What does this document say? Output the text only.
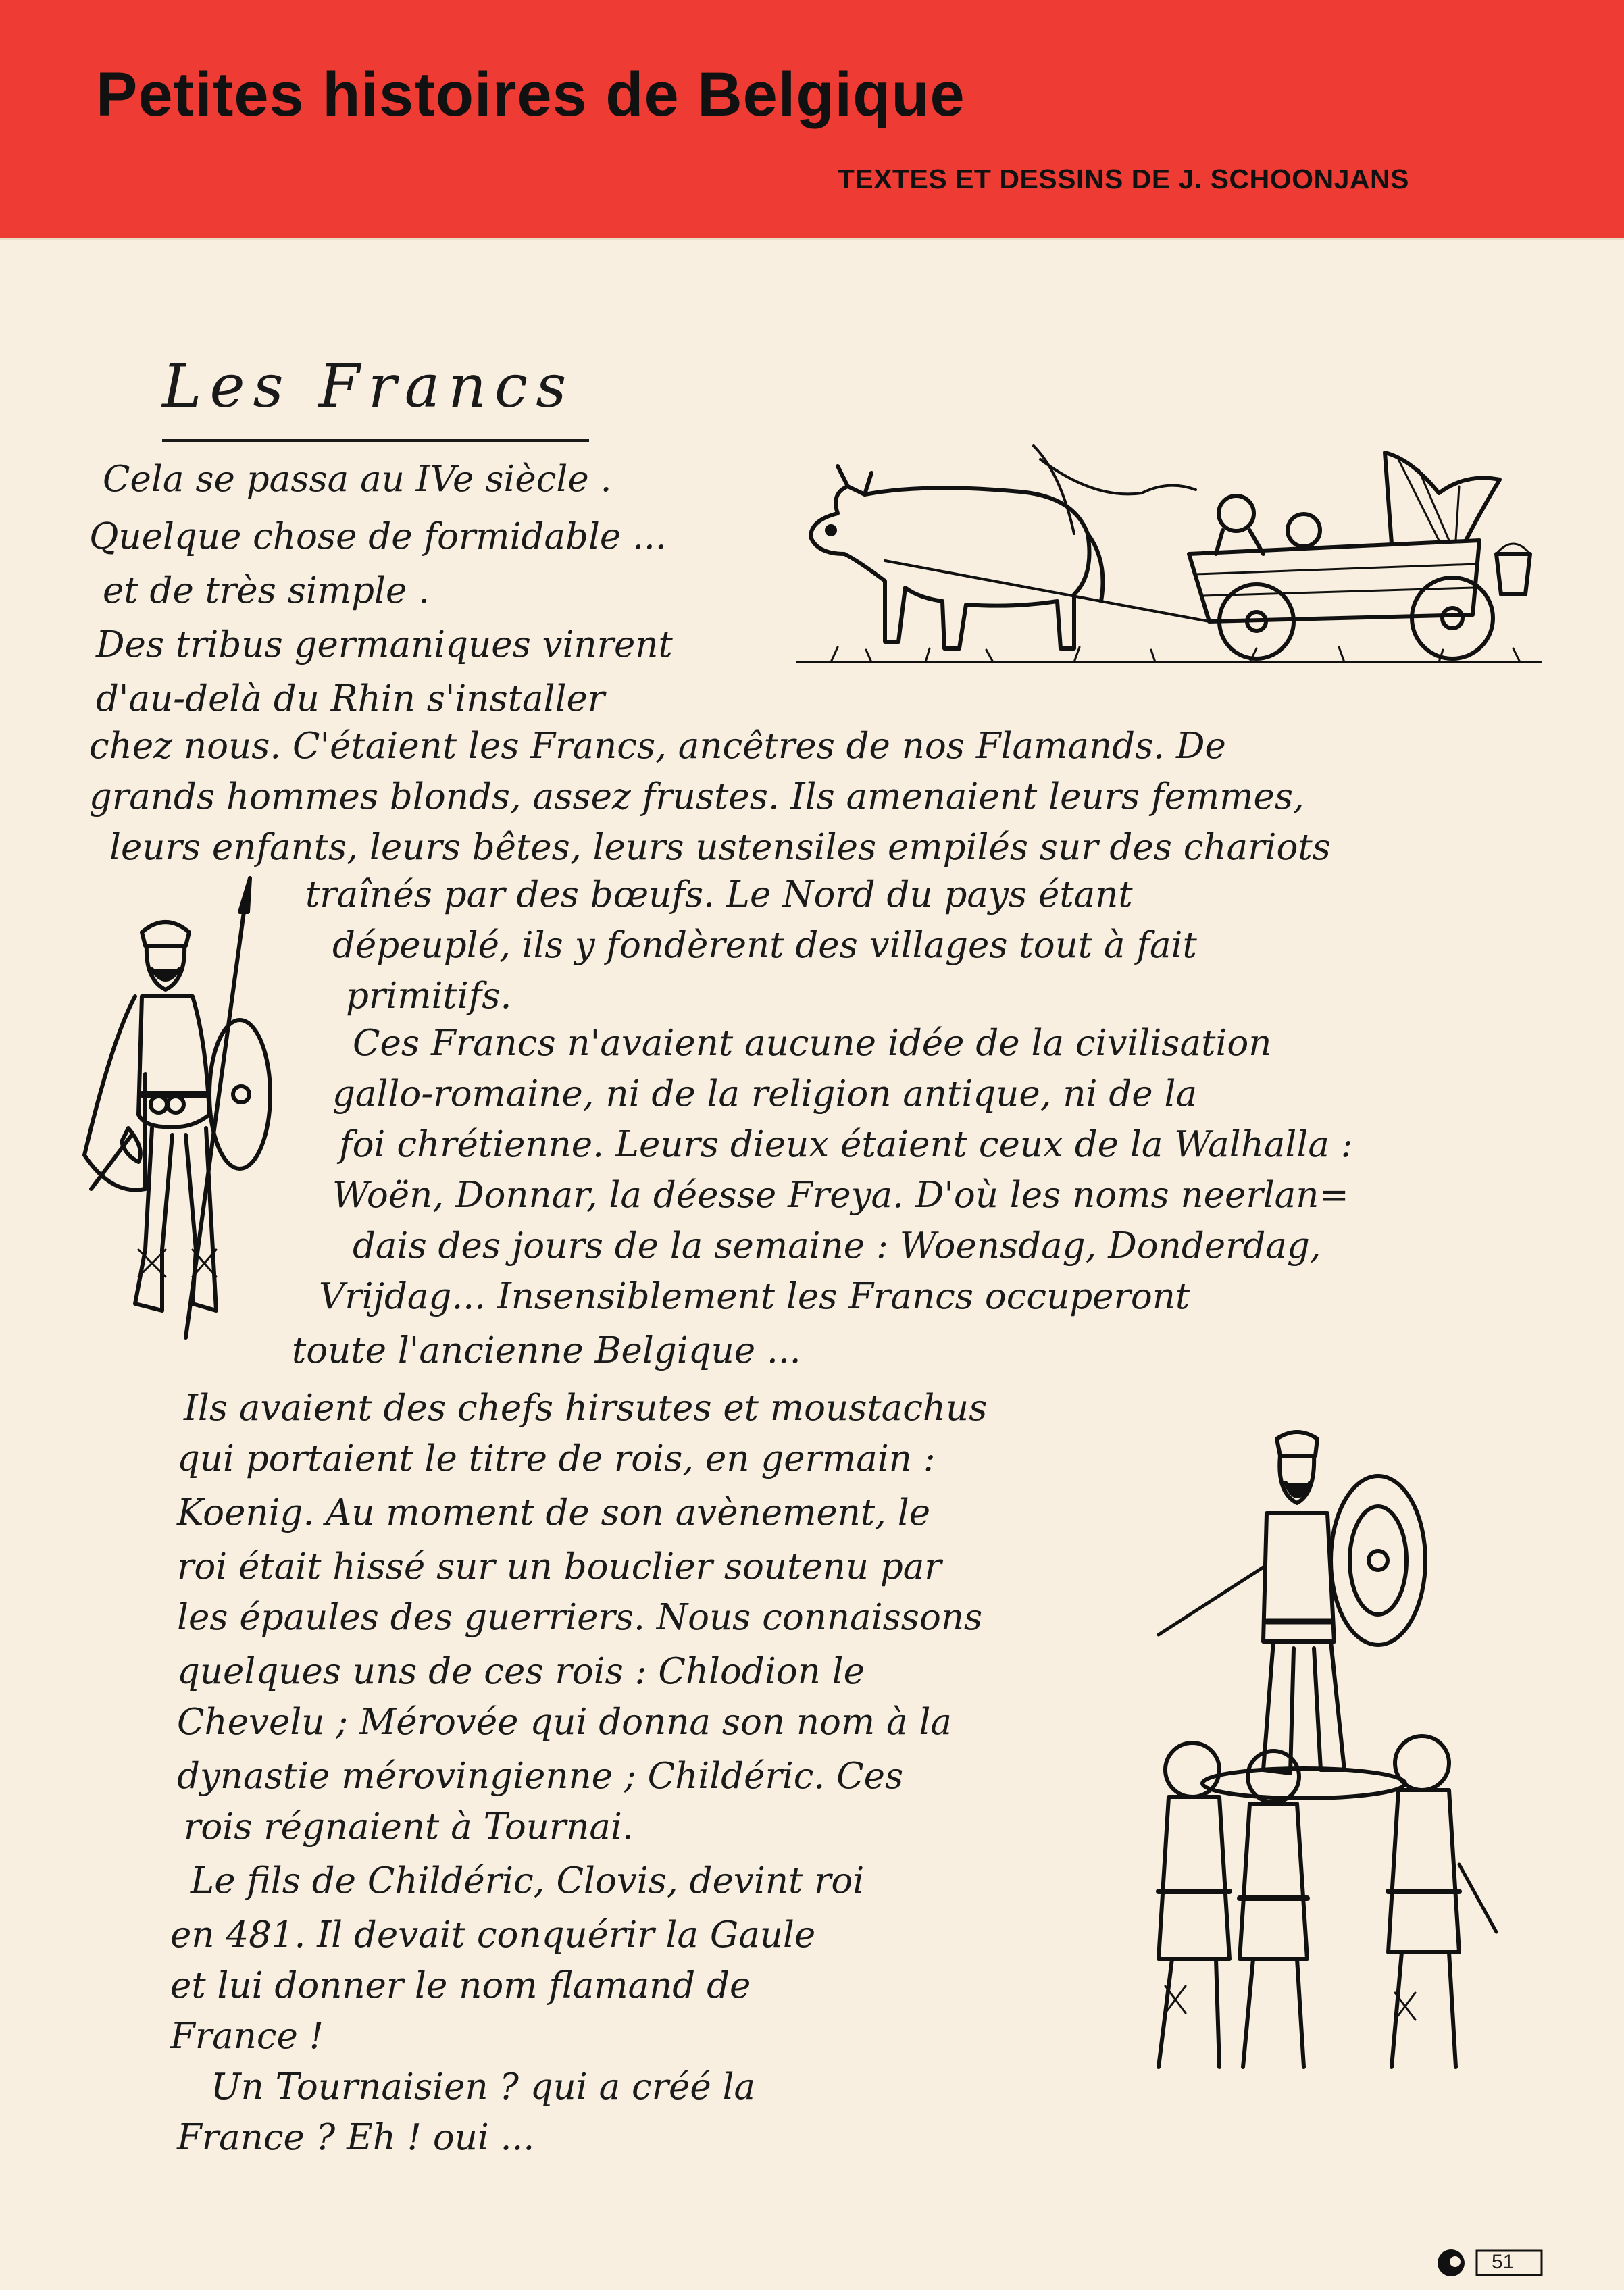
Petites histoires de Belgique

TEXTES ET DESSINS DE J. SCHOONJANS

Les Francs
Cela se passa au IVe siècle .
Quelque chose de formidable ...
et de très simple .
Des tribus germaniques vinrent
d'au-delà du Rhin s'installer
chez nous. C'étaient les Francs, ancêtres de nos Flamands. De
grands hommes blonds, assez frustes. Ils amenaient leurs femmes,
leurs enfants, leurs bêtes, leurs ustensiles empilés sur des chariots
traînés par des bœufs. Le Nord du pays étant
dépeuplé, ils y fondèrent des villages tout à fait
primitifs.
Ces Francs n'avaient aucune idée de la civilisation
gallo-romaine, ni de la religion antique, ni de la
foi chrétienne. Leurs dieux étaient ceux de la Walhalla :
Woën, Donnar, la déesse Freya. D'où les noms neerlan=
dais des jours de la semaine : Woensdag, Donderdag,
Vrijdag... Insensiblement les Francs occuperont
toute l'ancienne Belgique ...
Ils avaient des chefs hirsutes et moustachus
qui portaient le titre de rois, en germain :
Koenig. Au moment de son avènement, le
roi était hissé sur un bouclier soutenu par
les épaules des guerriers. Nous connaissons
quelques uns de ces rois : Chlodion le
Chevelu ; Mérovée qui donna son nom à la
dynastie mérovingienne ; Childéric. Ces
rois régnaient à Tournai.
Le fils de Childéric, Clovis, devint roi
en 481. Il devait conquérir la Gaule
et lui donner le nom flamand de
France !
Un Tournaisien ? qui a créé la
France ? Eh ! oui ...
51
